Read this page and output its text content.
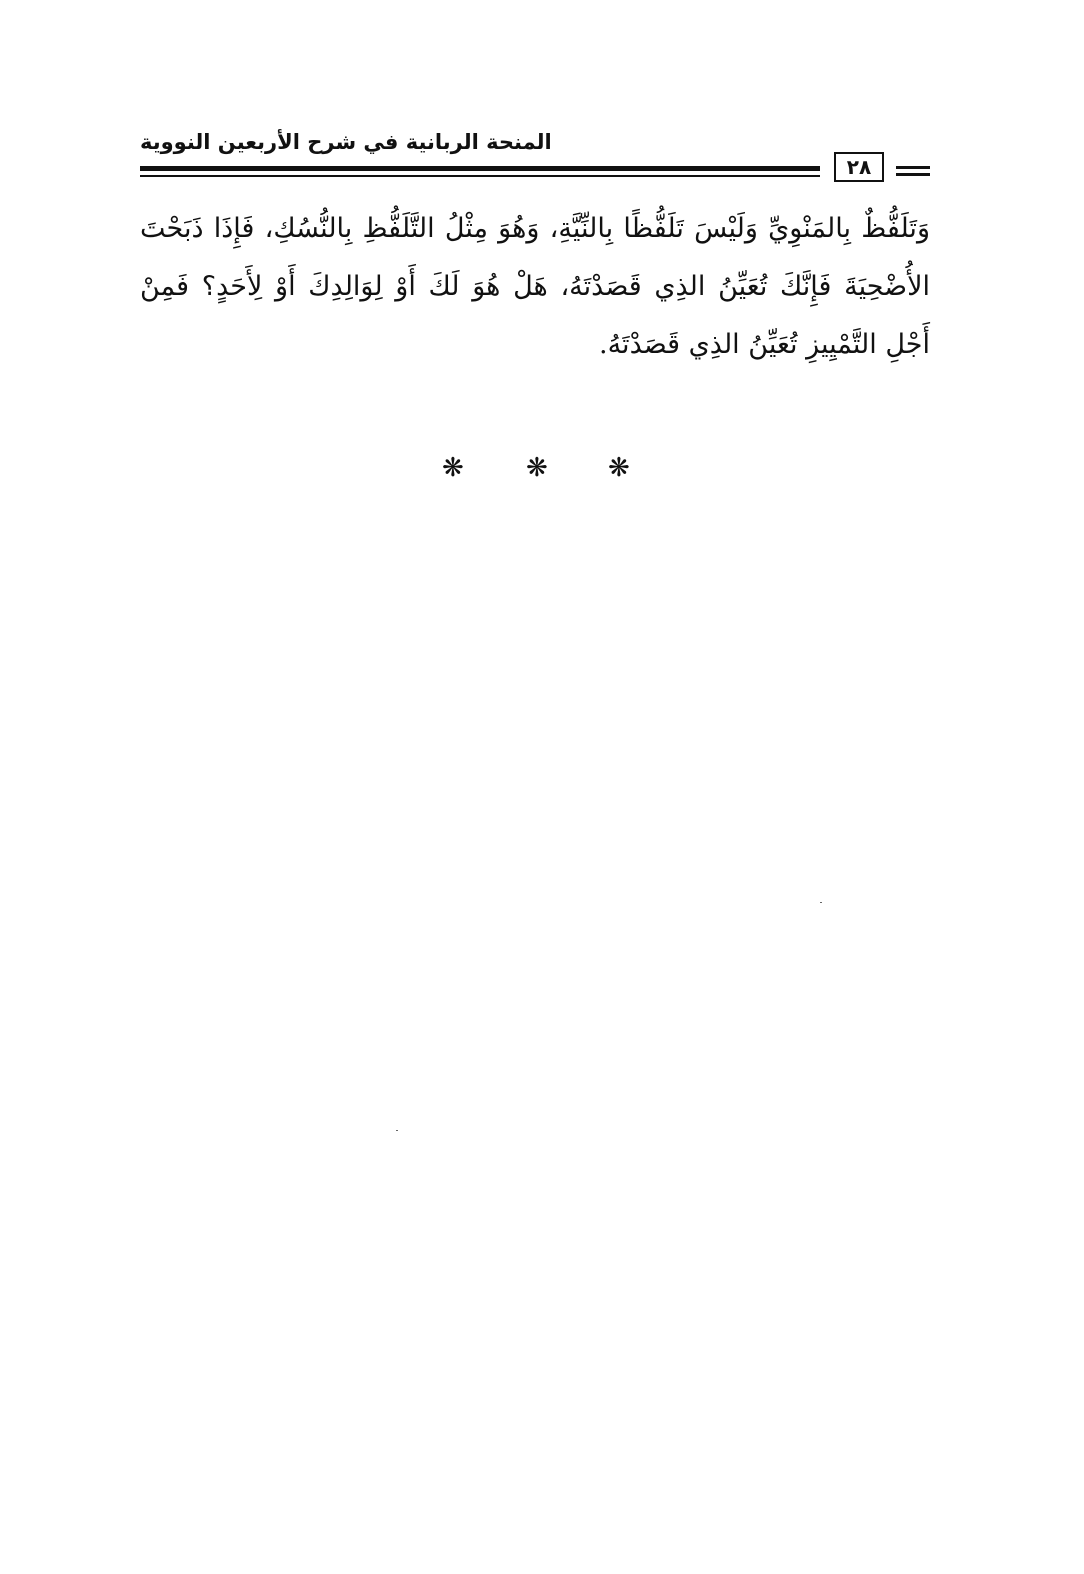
المنحة الربانية في شرح الأربعين النووية
٢٨
وَتَلَفُّظٌ بِالمَنْوِيِّ وَلَيْسَ تَلَفُّظًا بِالنِّيَّةِ، وَهُوَ مِثْلُ التَّلَفُّظِ بِالنُّسُكِ، فَإِذَا ذَبَحْتَ الأُضْحِيَةَ فَإِنَّكَ تُعَيِّنُ الذِي قَصَدْتَهُ، هَلْ هُوَ لَكَ أَوْ لِوَالِدِكَ أَوْ لِأَحَدٍ؟ فَمِنْ أَجْلِ التَّمْيِيزِ تُعَيِّنُ الذِي قَصَدْتَهُ.
❋ ❋ ❋
